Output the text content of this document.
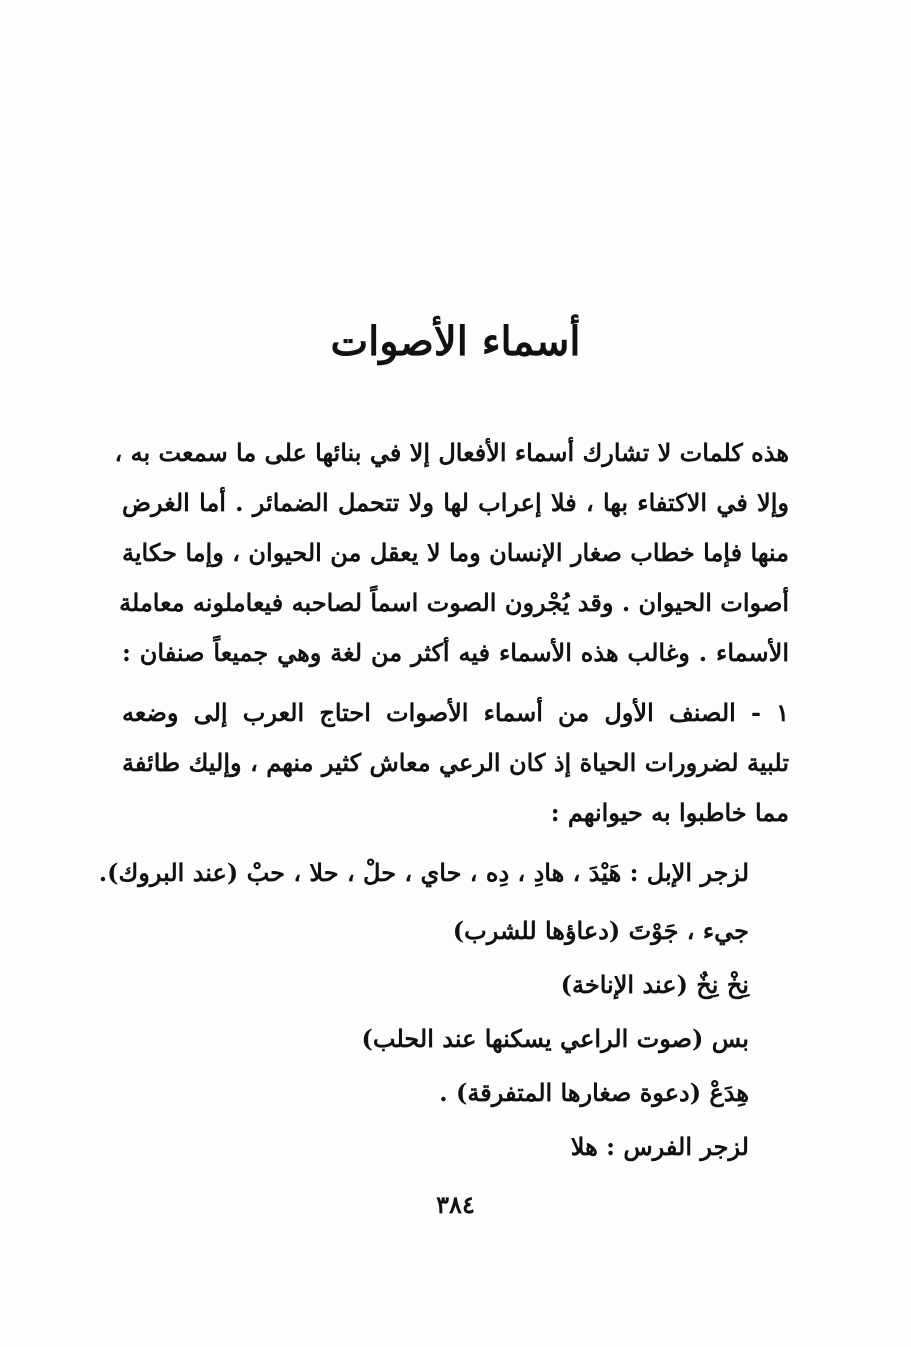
أسماء الأصوات
هذه كلمات لا تشارك أسماء الأفعال إلا في بنائها على ما سمعت به ،
وإلا في الاكتفاء بها ، فلا إعراب لها ولا تتحمل الضمائر . أما الغرض
منها فإما خطاب صغار الإنسان وما لا يعقل من الحيوان ، وإما حكاية
أصوات الحيوان . وقد يُجْرون الصوت اسماً لصاحبه فيعاملونه معاملة
الأسماء . وغالب هذه الأسماء فيه أكثر من لغة وهي جميعاً صنفان :
١ - الصنف الأول من أسماء الأصوات احتاج العرب إلى وضعه
تلبية لضرورات الحياة إذ كان الرعي معاش كثير منهم ، وإليك طائفة
مما خاطبوا به حيوانهم :
لزجر الإبل : هَيْدَ ، هادِ ، دِه ، حاي ، حلْ ، حلا ، حبْ (عند البروك).
جيء ، جَوْتَ (دعاؤها للشرب)
نِخْ نِخٌ (عند الإناخة)
بس (صوت الراعي يسكنها عند الحلب)
هِدَعْ (دعوة صغارها المتفرقة) .
لزجر الفرس : هلا
٣٨٤
